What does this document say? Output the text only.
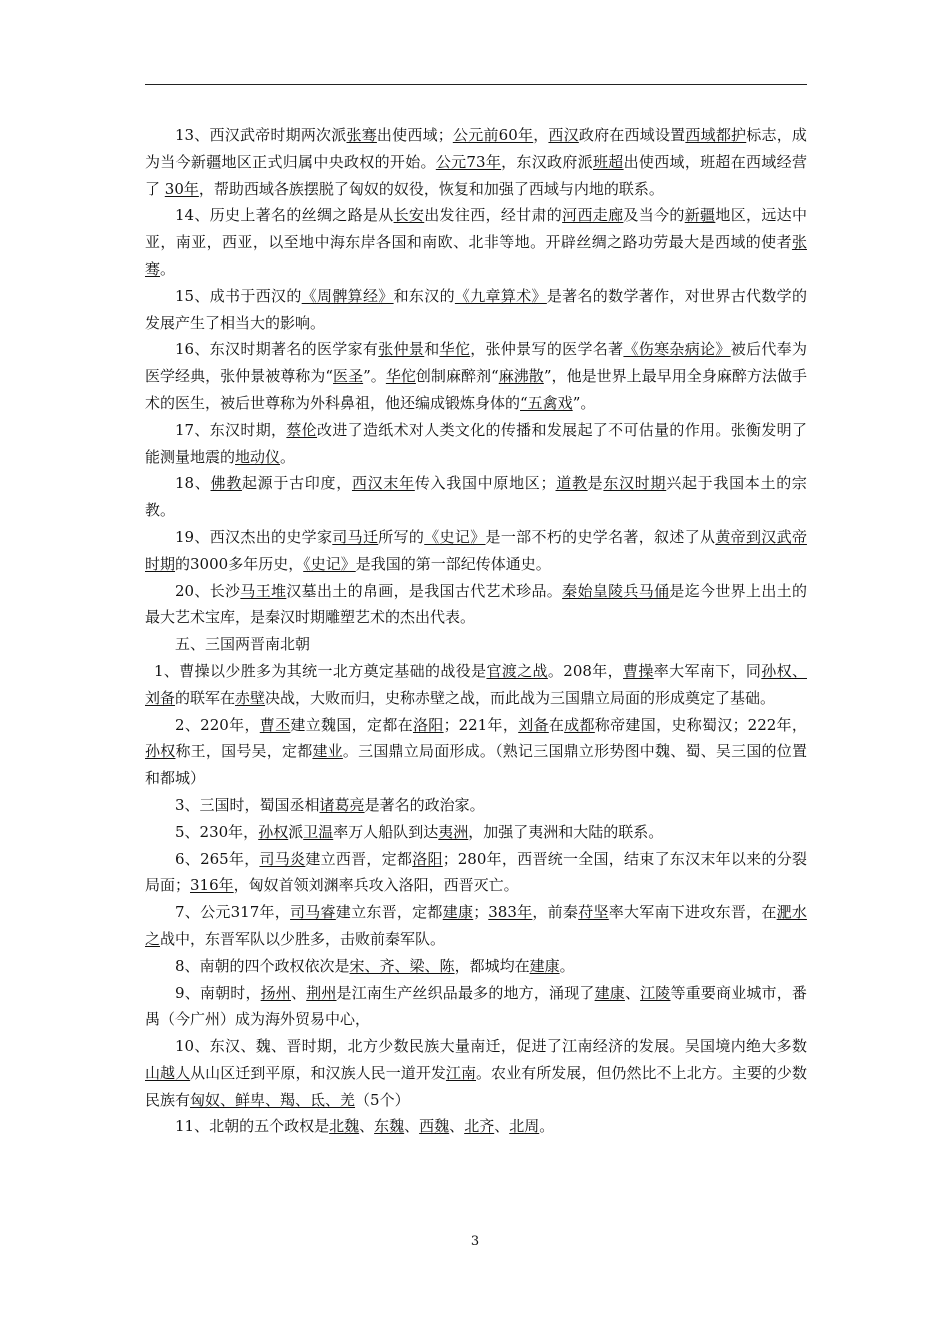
13、西汉武帝时期两次派张骞出使西域；公元前60年，西汉政府在西域设置西域都护标志，成为当今新疆地区正式归属中央政权的开始。公元73年，东汉政府派班超出使西域，班超在西域经营了 30年，帮助西域各族摆脱了匈奴的奴役，恢复和加强了西域与内地的联系。

14、历史上著名的丝绸之路是从长安出发往西，经甘肃的河西走廊及当今的新疆地区，远达中亚，南亚，西亚，以至地中海东岸各国和南欧、北非等地。开辟丝绸之路功劳最大是西域的使者张骞。

15、成书于西汉的《周髀算经》和东汉的《九章算术》是著名的数学著作，对世界古代数学的发展产生了相当大的影响。

16、东汉时期著名的医学家有张仲景和华佗，张仲景写的医学名著《伤寒杂病论》被后代奉为医学经典，张仲景被尊称为“医圣”。华佗创制麻醉剂“麻沸散”，他是世界上最早用全身麻醉方法做手术的医生，被后世尊称为外科鼻祖，他还编成锻炼身体的“五禽戏”。

17、东汉时期，蔡伦改进了造纸术对人类文化的传播和发展起了不可估量的作用。张衡发明了能测量地震的地动仪。

18、佛教起源于古印度，西汉末年传入我国中原地区；道教是东汉时期兴起于我国本土的宗教。

19、西汉杰出的史学家司马迁所写的《史记》是一部不朽的史学名著，叙述了从黄帝到汉武帝时期的3000多年历史，《史记》是我国的第一部纪传体通史。

20、长沙马王堆汉墓出土的帛画，是我国古代艺术珍品。秦始皇陵兵马俑是迄今世界上出土的最大艺术宝库，是秦汉时期雕塑艺术的杰出代表。

五、三国两晋南北朝

1、曹操以少胜多为其统一北方奠定基础的战役是官渡之战。208年，曹操率大军南下，同孙权、刘备的联军在赤壁决战，大败而归，史称赤壁之战，而此战为三国鼎立局面的形成奠定了基础。

2、220年，曹丕建立魏国，定都在洛阳；221年，刘备在成都称帝建国，史称蜀汉；222年，孙权称王，国号吴，定都建业。三国鼎立局面形成。（熟记三国鼎立形势图中魏、蜀、吴三国的位置和都城）

3、三国时，蜀国丞相诸葛亮是著名的政治家。

5、230年，孙权派卫温率万人船队到达夷洲，加强了夷洲和大陆的联系。

6、265年，司马炎建立西晋，定都洛阳；280年，西晋统一全国，结束了东汉末年以来的分裂局面；316年，匈奴首领刘渊率兵攻入洛阳，西晋灭亡。

7、公元317年，司马睿建立东晋，定都建康；383年，前秦苻坚率大军南下进攻东晋，在淝水之战中，东晋军队以少胜多，击败前秦军队。

8、南朝的四个政权依次是宋、齐、梁、陈，都城均在建康。

9、南朝时，扬州、荆州是江南生产丝织品最多的地方，涌现了建康、江陵等重要商业城市，番禺（今广州）成为海外贸易中心，

10、东汉、魏、晋时期，北方少数民族大量南迁，促进了江南经济的发展。吴国境内绝大多数山越人从山区迁到平原，和汉族人民一道开发江南。农业有所发展，但仍然比不上北方。主要的少数民族有匈奴、鲜卑、羯、氐、羌（5个）

11、北朝的五个政权是北魏、东魏、西魏、北齐、北周。

3
